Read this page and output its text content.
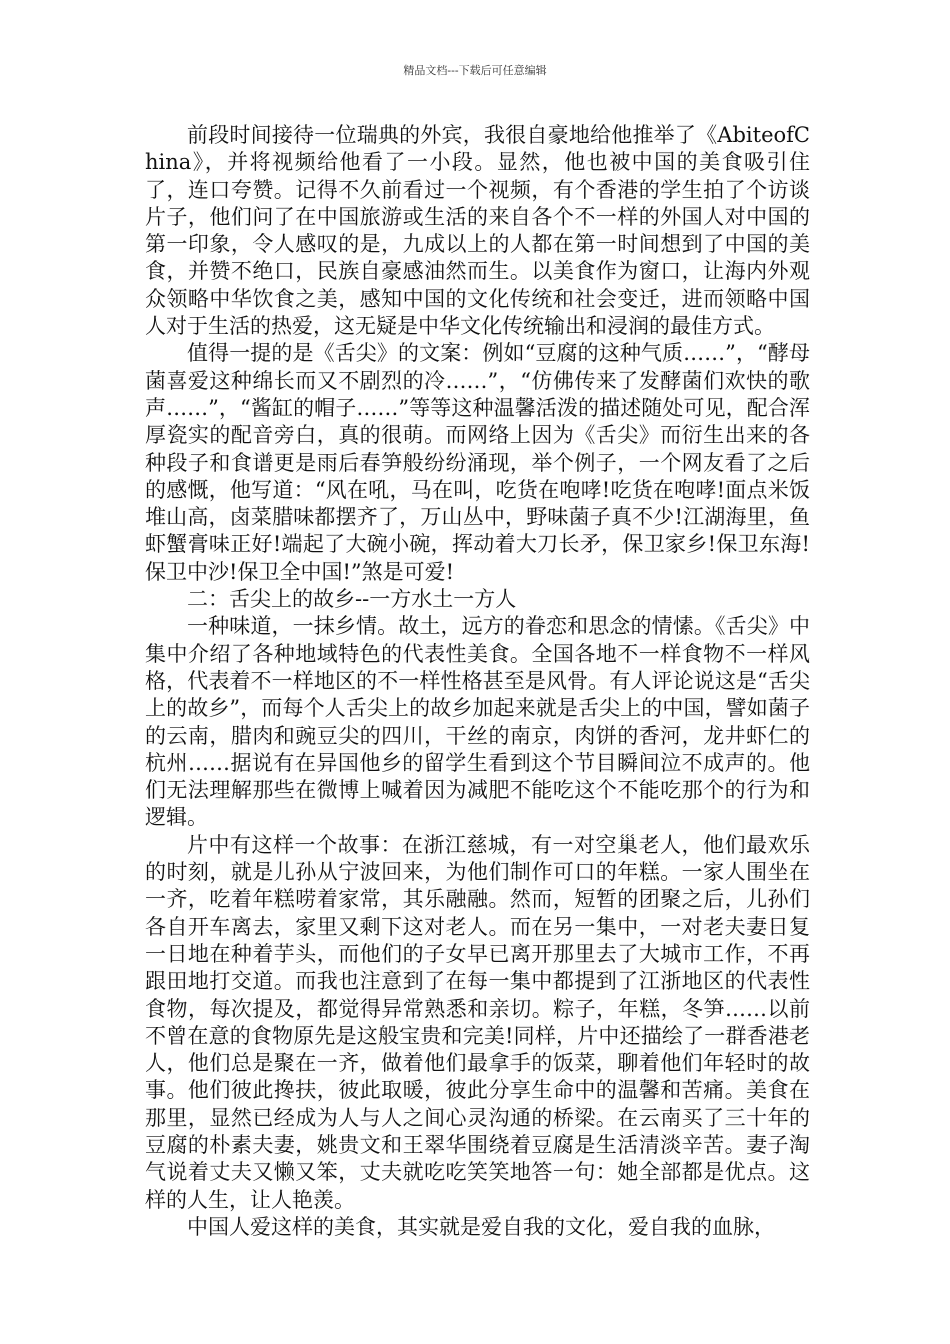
精品文档---下载后可任意编辑

前段时间接待一位瑞典的外宾，我很自豪地给他推举了《AbiteofChina》，并将视频给他看了一小段。显然，他也被中国的美食吸引住了，连口夸赞。记得不久前看过一个视频，有个香港的学生拍了个访谈片子，他们问了在中国旅游或生活的来自各个不一样的外国人对中国的第一印象，令人感叹的是，九成以上的人都在第一时间想到了中国的美食，并赞不绝口，民族自豪感油然而生。以美食作为窗口，让海内外观众领略中华饮食之美，感知中国的文化传统和社会变迁，进而领略中国人对于生活的热爱，这无疑是中华文化传统输出和浸润的最佳方式。

值得一提的是《舌尖》的文案：例如“豆腐的这种气质……”，“酵母菌喜爱这种绵长而又不剧烈的冷……”，“仿佛传来了发酵菌们欢快的歌声……”，“酱缸的帽子……”等等这种温馨活泼的描述随处可见，配合浑厚瓷实的配音旁白，真的很萌。而网络上因为《舌尖》而衍生出来的各种段子和食谱更是雨后春笋般纷纷涌现，举个例子，一个网友看了之后的感慨，他写道：“风在吼，马在叫，吃货在咆哮!吃货在咆哮!面点米饭堆山高，卤菜腊味都摆齐了，万山丛中，野味菌子真不少!江湖海里，鱼虾蟹膏味正好!端起了大碗小碗，挥动着大刀长矛，保卫家乡!保卫东海!保卫中沙!保卫全中国!”煞是可爱!

二：舌尖上的故乡--一方水土一方人

一种味道，一抹乡情。故土，远方的眷恋和思念的情愫。《舌尖》中集中介绍了各种地域特色的代表性美食。全国各地不一样食物不一样风格，代表着不一样地区的不一样性格甚至是风骨。有人评论说这是“舌尖上的故乡”，而每个人舌尖上的故乡加起来就是舌尖上的中国，譬如菌子的云南，腊肉和豌豆尖的四川，干丝的南京，肉饼的香河，龙井虾仁的杭州……据说有在异国他乡的留学生看到这个节目瞬间泣不成声的。他们无法理解那些在微博上喊着因为减肥不能吃这个不能吃那个的行为和逻辑。

片中有这样一个故事：在浙江慈城，有一对空巢老人，他们最欢乐的时刻，就是儿孙从宁波回来，为他们制作可口的年糕。一家人围坐在一齐，吃着年糕唠着家常，其乐融融。然而，短暂的团聚之后，儿孙们各自开车离去，家里又剩下这对老人。而在另一集中，一对老夫妻日复一日地在种着芋头，而他们的子女早已离开那里去了大城市工作，不再跟田地打交道。而我也注意到了在每一集中都提到了江浙地区的代表性食物，每次提及，都觉得异常熟悉和亲切。粽子，年糕，冬笋……以前不曾在意的食物原先是这般宝贵和完美!同样，片中还描绘了一群香港老人，他们总是聚在一齐，做着他们最拿手的饭菜，聊着他们年轻时的故事。他们彼此搀扶，彼此取暖，彼此分享生命中的温馨和苦痛。美食在那里，显然已经成为人与人之间心灵沟通的桥梁。在云南买了三十年的豆腐的朴素夫妻，姚贵文和王翠华围绕着豆腐是生活清淡辛苦。妻子淘气说着丈夫又懒又笨，丈夫就吃吃笑笑地答一句：她全部都是优点。这样的人生，让人艳羡。

中国人爱这样的美食，其实就是爱自我的文化，爱自我的血脉，
